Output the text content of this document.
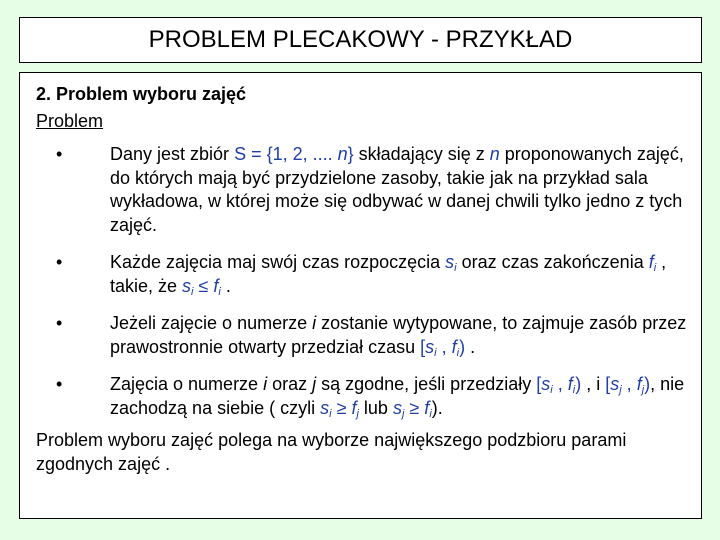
PROBLEM PLECAKOWY - PRZYKŁAD
2. Problem wyboru zajęć
Problem
•	Dany jest zbiór S = {1, 2, .... n} składający się z n proponowanych zajęć, do których mają być przydzielone zasoby, takie jak na przykład sala wykładowa, w której może się odbywać w danej chwili tylko jedno z tych zajęć.
•	Każde zajęcia maj swój czas rozpoczęcia $s_i$ oraz czas zakończenia $f_i$ , takie, że $s_i \le f_i$ .
•	Jeżeli zajęcie o numerze i zostanie wytypowane, to zajmuje zasób przez prawostronnie otwarty przedział czasu [$s_i$ , $f_i$) .
•	Zajęcia o numerze i oraz j są zgodne, jeśli przedziały [$s_i$ , $f_i$) , i [$s_j$ , $f_j$), nie zachodzą na siebie ( czyli $s_i \ge f_j$ lub $s_j \ge f_i$).
Problem wyboru zajęć polega na wyborze największego podzbioru parami zgodnych zajęć .
